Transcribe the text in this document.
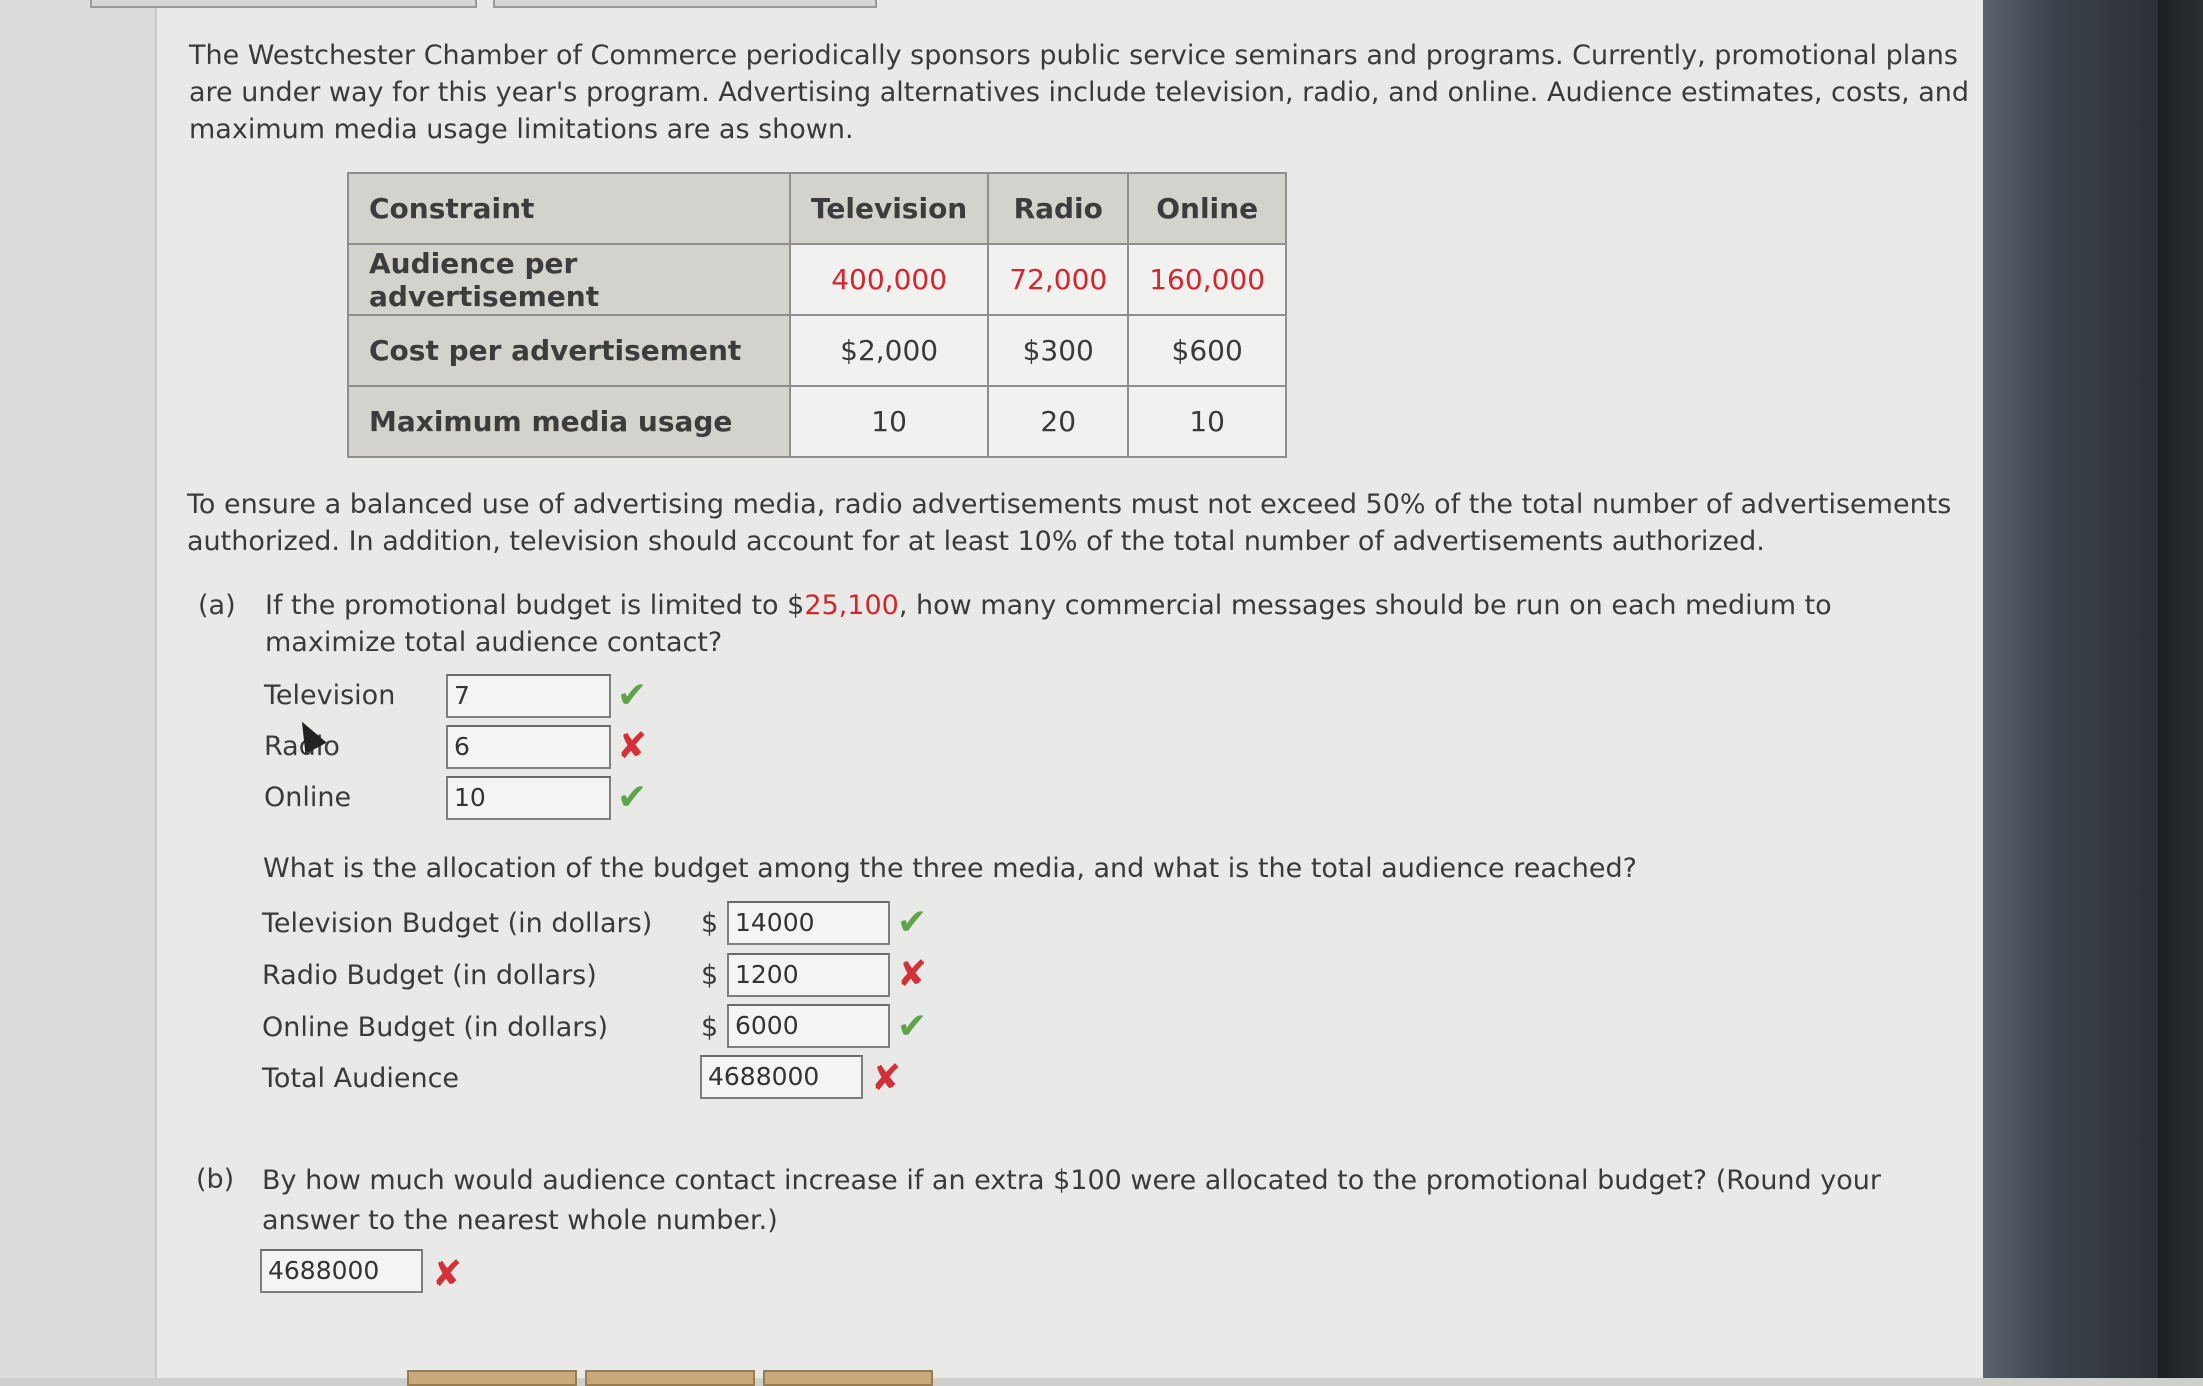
The Westchester Chamber of Commerce periodically sponsors public service seminars and programs. Currently, promotional plans are under way for this year's program. Advertising alternatives include television, radio, and online. Audience estimates, costs, and maximum media usage limitations are as shown.
Constraint	Television	Radio	Online
Audience per advertisement	400,000	72,000	160,000
Cost per advertisement	$2,000	$300	$600
Maximum media usage	10	20	10
To ensure a balanced use of advertising media, radio advertisements must not exceed 50% of the total number of advertisements authorized. In addition, television should account for at least 10% of the total number of advertisements authorized.
(a) If the promotional budget is limited to $25,100, how many commercial messages should be run on each medium to maximize total audience contact?
Television	7	✔
Radio	6	✘
Online	10	✔
What is the allocation of the budget among the three media, and what is the total audience reached?
Television Budget (in dollars) $ 14000	✔
Radio Budget (in dollars)	$ 1200	✘
Online Budget (in dollars)	$ 6000	✔
Total Audience	4688000	✘
(b) By how much would audience contact increase if an extra $100 were allocated to the promotional budget? (Round your answer to the nearest whole number.)
4688000	✘
